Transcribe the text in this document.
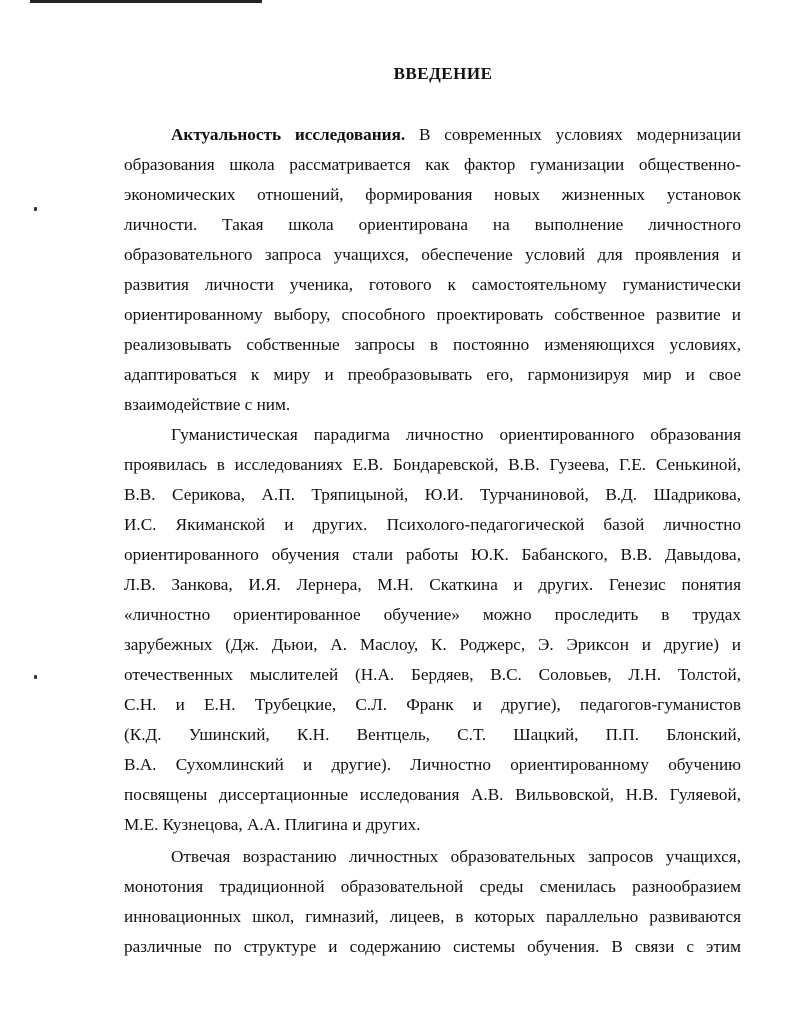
ВВЕДЕНИЕ
Актуальность исследования. В современных условиях модернизации
образования школа рассматривается как фактор гуманизации общественно-
экономических отношений, формирования новых жизненных установок
личности. Такая школа ориентирована на выполнение личностного
образовательного запроса учащихся, обеспечение условий для проявления и
развития личности ученика, готового к самостоятельному гуманистически
ориентированному выбору, способного проектировать собственное развитие и
реализовывать собственные запросы в постоянно изменяющихся условиях,
адаптироваться к миру и преобразовывать его, гармонизируя мир и свое
взаимодействие с ним.
Гуманистическая парадигма личностно ориентированного образования
проявилась в исследованиях Е.В. Бондаревской, В.В. Гузеева, Г.Е. Сенькиной,
В.В. Серикова, А.П. Тряпицыной, Ю.И. Турчаниновой, В.Д. Шадрикова,
И.С. Якиманской и других. Психолого-педагогической базой личностно
ориентированного обучения стали работы Ю.К. Бабанского, В.В. Давыдова,
Л.В. Занкова, И.Я. Лернера, М.Н. Скаткина и других. Генезис понятия
«личностно ориентированное обучение» можно проследить в трудах
зарубежных (Дж. Дьюи, А. Маслоу, К. Роджерс, Э. Эриксон и другие) и
отечественных мыслителей (Н.А. Бердяев, В.С. Соловьев, Л.Н. Толстой,
С.Н. и Е.Н. Трубецкие, С.Л. Франк и другие), педагогов-гуманистов
(К.Д. Ушинский, К.Н. Вентцель, С.Т. Шацкий, П.П. Блонский,
В.А. Сухомлинский и другие). Личностно ориентированному обучению
посвящены диссертационные исследования А.В. Вильвовской, Н.В. Гуляевой,
М.Е. Кузнецова, А.А. Плигина и других.
Отвечая возрастанию личностных образовательных запросов учащихся,
монотония традиционной образовательной среды сменилась разнообразием
инновационных школ, гимназий, лицеев, в которых параллельно развиваются
различные по структуре и содержанию системы обучения. В связи с этим
